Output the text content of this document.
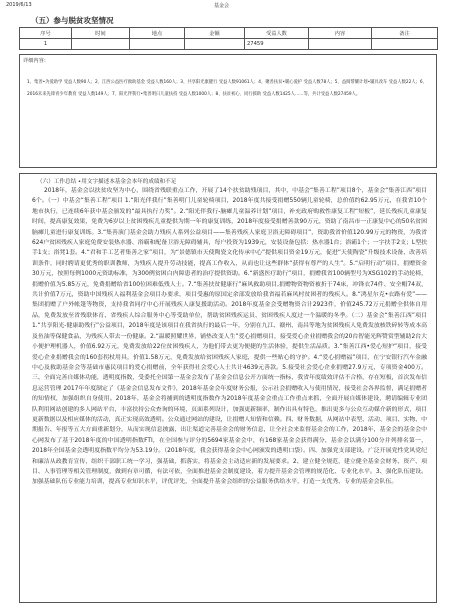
2019/6/13	基金会
（五）参与脱贫攻坚情况
序号	时间	地点	金额	受益人数	内容	备注
1				27459		
详细内容：
1、集善•为爱助学 受益人数90人；2、江西公益医疗救助基金 受益人数160人；3、共享阳光康健行 受益人数91061人；4、聚善扶贫•暖心爱护 受益人数78人；5、益阅帮耀计划•辅具改车 受益人数22人；6、2016未来先锋青少年教育 受益人数149人；7、阳光伴我行•集善明日儿童扶持 受益人数1000人；8、扶贫初心、同行援助 受益人数1425人……等，共计受益人数27459人。
（六）工作总结 •用文字描述本基金会本年的成绩和不足

2018年，基金会以扶贫攻坚为中心，围绕省残联重点工作，开展了14个扶贫助残项目，其中，中基会“集善工程”项目8个，基金会“集善江西”项目6个。（一）中基会“集善工程”项目 1.“阳光伴我行”集善明门儿童轮椅项目，2018年度共接受捐赠550辆儿童轮椅，总价值约62.95万元，在我省10个地市执行，已连续6年获中基会颁发的“最具执行力奖”。2.“阳光伴我行-脑瘫儿童温养计划”项目，补充政府购救性康复工程“短板”，延长残疾儿童康复时间，提高康复效果，免费为6岁以上贫困残疾儿童提供为期一年的康复训练，2018年度接受捐赠善款90万元，资助了南昌市一正康复中心的50名贫困脑瘫儿童进行康复训练。3.“集善演门基金会助力残疾人系列公益项目——集善残疾人家庭卫浴无障碍项目”，资助我省价值120.99万元的物资，为我省624户贫困残疾人家庭免费安装热水器、浴霸和配备卫浴无障碍辅具，每户投资为1939元，安装设备包括：热水器1台；浴霸1个；一字扶手2支；L型扶手1支；浴凳1套。4.“君和手工艺者集善之家”项目，为“景德镇市天使陶瓷文化传承中心”提供项目资金19万元，促进“天使陶瓷”升级技术设备、改善培训条件，同时聘请更优秀的职训教师，为残疾人提升劳动技能，提高工作收入，从而也让这些群体“获得有尊严的人生”。5.“启明行动”项目，捐赠资金30万元，按照每例1000元资助标准，为300例贫困白内障患者的治疗提供资助。6.“新盛医疗助行”项目，捐赠我省100辆型号为XSG102的手动轮椅，捐赠价值为5.85万元，免费捐赠给省100位困难低残人士。7.“集善扶贫健康行”麻风救助项目,捐赠物资物资被折于74床，冲锋衣74件、安全帽74双，共计价值7万元，资助中国残疾人福利基金会项目办要求，项目受惠的原国定余部发放给我省福若麻风村贫困者的残疾人。8.“鸿星尔克•衣路有爱”——集团捐赠了户外帐篷等物资，支持我省同疗中心开展残疾人康复援助活动。2018年度基金会受赠物资合计2923件，价值245.72万元捐赠全供体自用品，免费发放至省残联体育、省残疾人综合服务中心等受助单位，帮助贫困残疾运员、贫困残疾人度过一个温暖的冬季。（二）基金会“集善江西”项目 1.“共享阳光-健康助残行”公益项目，2018年度是该项目在我省执行的最后一年，分别在九江、赣州、南昌等地为贫困残疾人免费发放核铁碎转等成本高及鱼油等保健食品，为残疾人带去一份健康。2.“温暖照耀世界，铺垫改变人生”爱心捐赠项目，接受爱心企业捐赠我会的20台智能光辉赞赏型辅助2台大小便护理机器人，价值6.92万元，免费发放给22位贫困残疾人，为他们带去更为便捷的生活体验，提供生活品质。3.“集善江西•爱心短护”项目，接受爱心企业捐赠我会的160套拐杖用具，价值1.58万元，免费发放给贫困残疾人家庭，提供一些贴心的守护。4.“爱心捐赠福”项目，在宁安银行汽车金融中心及救助基金会等基础市惠民项目的爱心捐赠前，全年获得社会爱心人士共计4639元善款。5.接受社会爱心企业捐赠27.9万元，专项资金400万。三、全面完善自媒体功能，透明度指数，受委托全国第一基金会发布了基金会信息公开方面统一指标，我省年度绩效评估不合格，存在短板，首次发布信息运营管理 2017年年度制定了《基金会信息发布文件》，2018年基金会年度财务公报，公示社会捐赠收入与使用情况，接受社会各界监督，满足捐赠者的知情权，加强组织自身使用。2018年，基金会将捕到的透明度指数作为2018年度基金会重点工作重点来抓，全面开展自媒体建设，聘请编辑专业团队利用网站创建的多人网站平台，丰富扶持公众查询的环境，页面系列设计，加强更新频率，制作出具有特色，推出更多与公众互动媒介新的形式，项目更新数据以及相应媒体的活动，真正实现高效透明。公众通过网站的建设，让捐赠人知情和信赖。四、财务数据，从网站中表型、活动、项目、实物、中期报告、年报等五大方面重新划分，从而实现信息披露，出让渠道完善基金会的财务信息，让全社会来监督基金会的工作，2018年，基金会的基金会中心网发布了基于2018年度的中国透明指数FTI，在全国参与评分的5694家基金会中，有168家基金会获得满分，基金会以满分100分并列排名第一，2018年全国基金会透明度指数平均分为53.19分。（2018年度，我会获得基金会中心网颁发的透明口袋）。四、加强党支部建设。广泛开展党性党风党纪和廉洁从政教育宣传，组织干部职工统一学习，强基础，抓落实，将基金会主动适应新的发展要求。2、建立健全规范，建立健全基金会财务、资产、项目、人事管理等相关管理制度，做到有章可循，有法可依，全面推进基金会制度建设，着力提升基金会管理的规范化、专业化水平。3、强化队伍建设。加强基础队伍专业能力培训，提高专业知识水平，评优评先，全面提升基金会组织的公益服务供给水平，打造一支优秀、专业的基金会队伍。
